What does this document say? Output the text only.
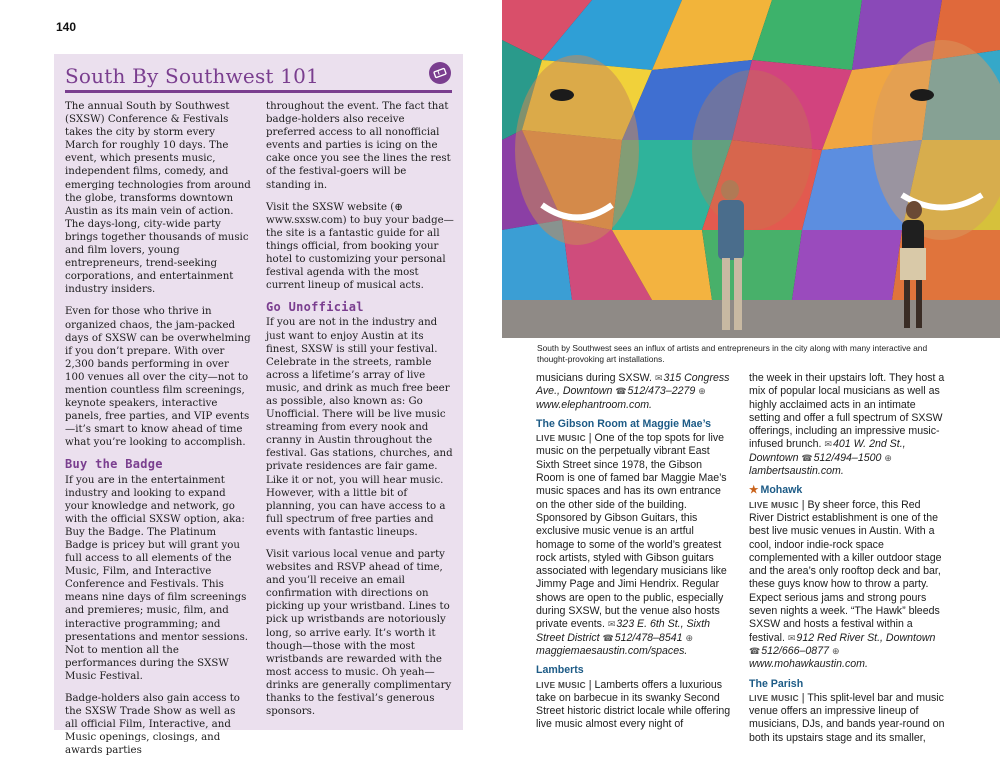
140
South By Southwest 101

The annual South by Southwest (SXSW) Conference & Festivals takes the city by storm every March for roughly 10 days. The event, which presents music, independent films, comedy, and emerging technologies from around the globe, transforms downtown Austin as its main vein of action. The days-long, city-wide party brings together thousands of music and film lovers, young entrepreneurs, trend-seeking corporations, and entertainment industry insiders.

Even for those who thrive in organized chaos, the jam-packed days of SXSW can be overwhelming if you don’t prepare. With over 2,300 bands performing in over 100 venues all over the city—not to mention countless film screenings, keynote speakers, interactive panels, free parties, and VIP events—it’s smart to know ahead of time what you’re looking to accomplish.

Buy the Badge

If you are in the entertainment industry and looking to expand your knowledge and network, go with the official SXSW option, aka: Buy the Badge. The Platinum Badge is pricey but will grant you full access to all elements of the Music, Film, and Interactive Conference and Festivals. This means nine days of film screenings and premieres; music, film, and interactive programming; and presentations and mentor sessions. Not to mention all the performances during the SXSW Music Festival.

Badge-holders also gain access to the SXSW Trade Show as well as all official Film, Interactive, and Music openings, closings, and awards parties

throughout the event. The fact that badge-holders also receive preferred access to all nonofficial events and parties is icing on the cake once you see the lines the rest of the festival-goers will be standing in.

Visit the SXSW website (⊕ www.sxsw.com) to buy your badge—the site is a fantastic guide for all things official, from booking your hotel to customizing your personal festival agenda with the most current lineup of musical acts.

Go Unofficial

If you are not in the industry and just want to enjoy Austin at its finest, SXSW is still your festival. Celebrate in the streets, ramble across a lifetime’s array of live music, and drink as much free beer as possible, also known as: Go Unofficial. There will be live music streaming from every nook and cranny in Austin throughout the festival. Gas stations, churches, and private residences are fair game. Like it or not, you will hear music. However, with a little bit of planning, you can have access to a full spectrum of free parties and events with fantastic lineups.

Visit various local venue and party websites and RSVP ahead of time, and you’ll receive an email confirmation with directions on picking up your wristband. Lines to pick up wristbands are notoriously long, so arrive early. It’s worth it though—those with the most wristbands are rewarded with the most access to music. Oh yeah—drinks are generally complimentary thanks to the festival’s generous sponsors.

South by Southwest sees an influx of artists and entrepreneurs in the city along with many interactive and thought-provoking art installations.

musicians during SXSW. ✉315 Congress Ave., Downtown ☎512/473–2279 ⊕www.elephantroom.com.

The Gibson Room at Maggie Mae’s

LIVE MUSIC | One of the top spots for live music on the perpetually vibrant East Sixth Street since 1978, the Gibson Room is one of famed bar Maggie Mae’s music spaces and has its own entrance on the other side of the building. Sponsored by Gibson Guitars, this exclusive music venue is an artful homage to some of the world’s greatest rock artists, styled with Gibson guitars associated with legendary musicians like Jimmy Page and Jimi Hendrix. Regular shows are open to the public, especially during SXSW, but the venue also hosts private events. ✉323 E. 6th St., Sixth Street District ☎512/478–8541 ⊕maggiemaesaustin.com/spaces.

Lamberts

LIVE MUSIC | Lamberts offers a luxurious take on barbecue in its swanky Second Street historic district locale while offering live music almost every night of

the week in their upstairs loft. They host a mix of popular local musicians as well as highly acclaimed acts in an intimate setting and offer a full spectrum of SXSW offerings, including an impressive music-infused brunch. ✉401 W. 2nd St., Downtown ☎512/494–1500 ⊕lambertsaustin.com.

★ Mohawk

LIVE MUSIC | By sheer force, this Red River District establishment is one of the best live music venues in Austin. With a cool, indoor indie-rock space complemented with a killer outdoor stage and the area’s only rooftop deck and bar, these guys know how to throw a party. Expect serious jams and strong pours seven nights a week. “The Hawk” bleeds SXSW and hosts a festival within a festival. ✉912 Red River St., Downtown ☎512/666–0877 ⊕www.mohawkaustin.com.

The Parish

LIVE MUSIC | This split-level bar and music venue offers an impressive lineup of musicians, DJs, and bands year-round on both its upstairs stage and its smaller,
